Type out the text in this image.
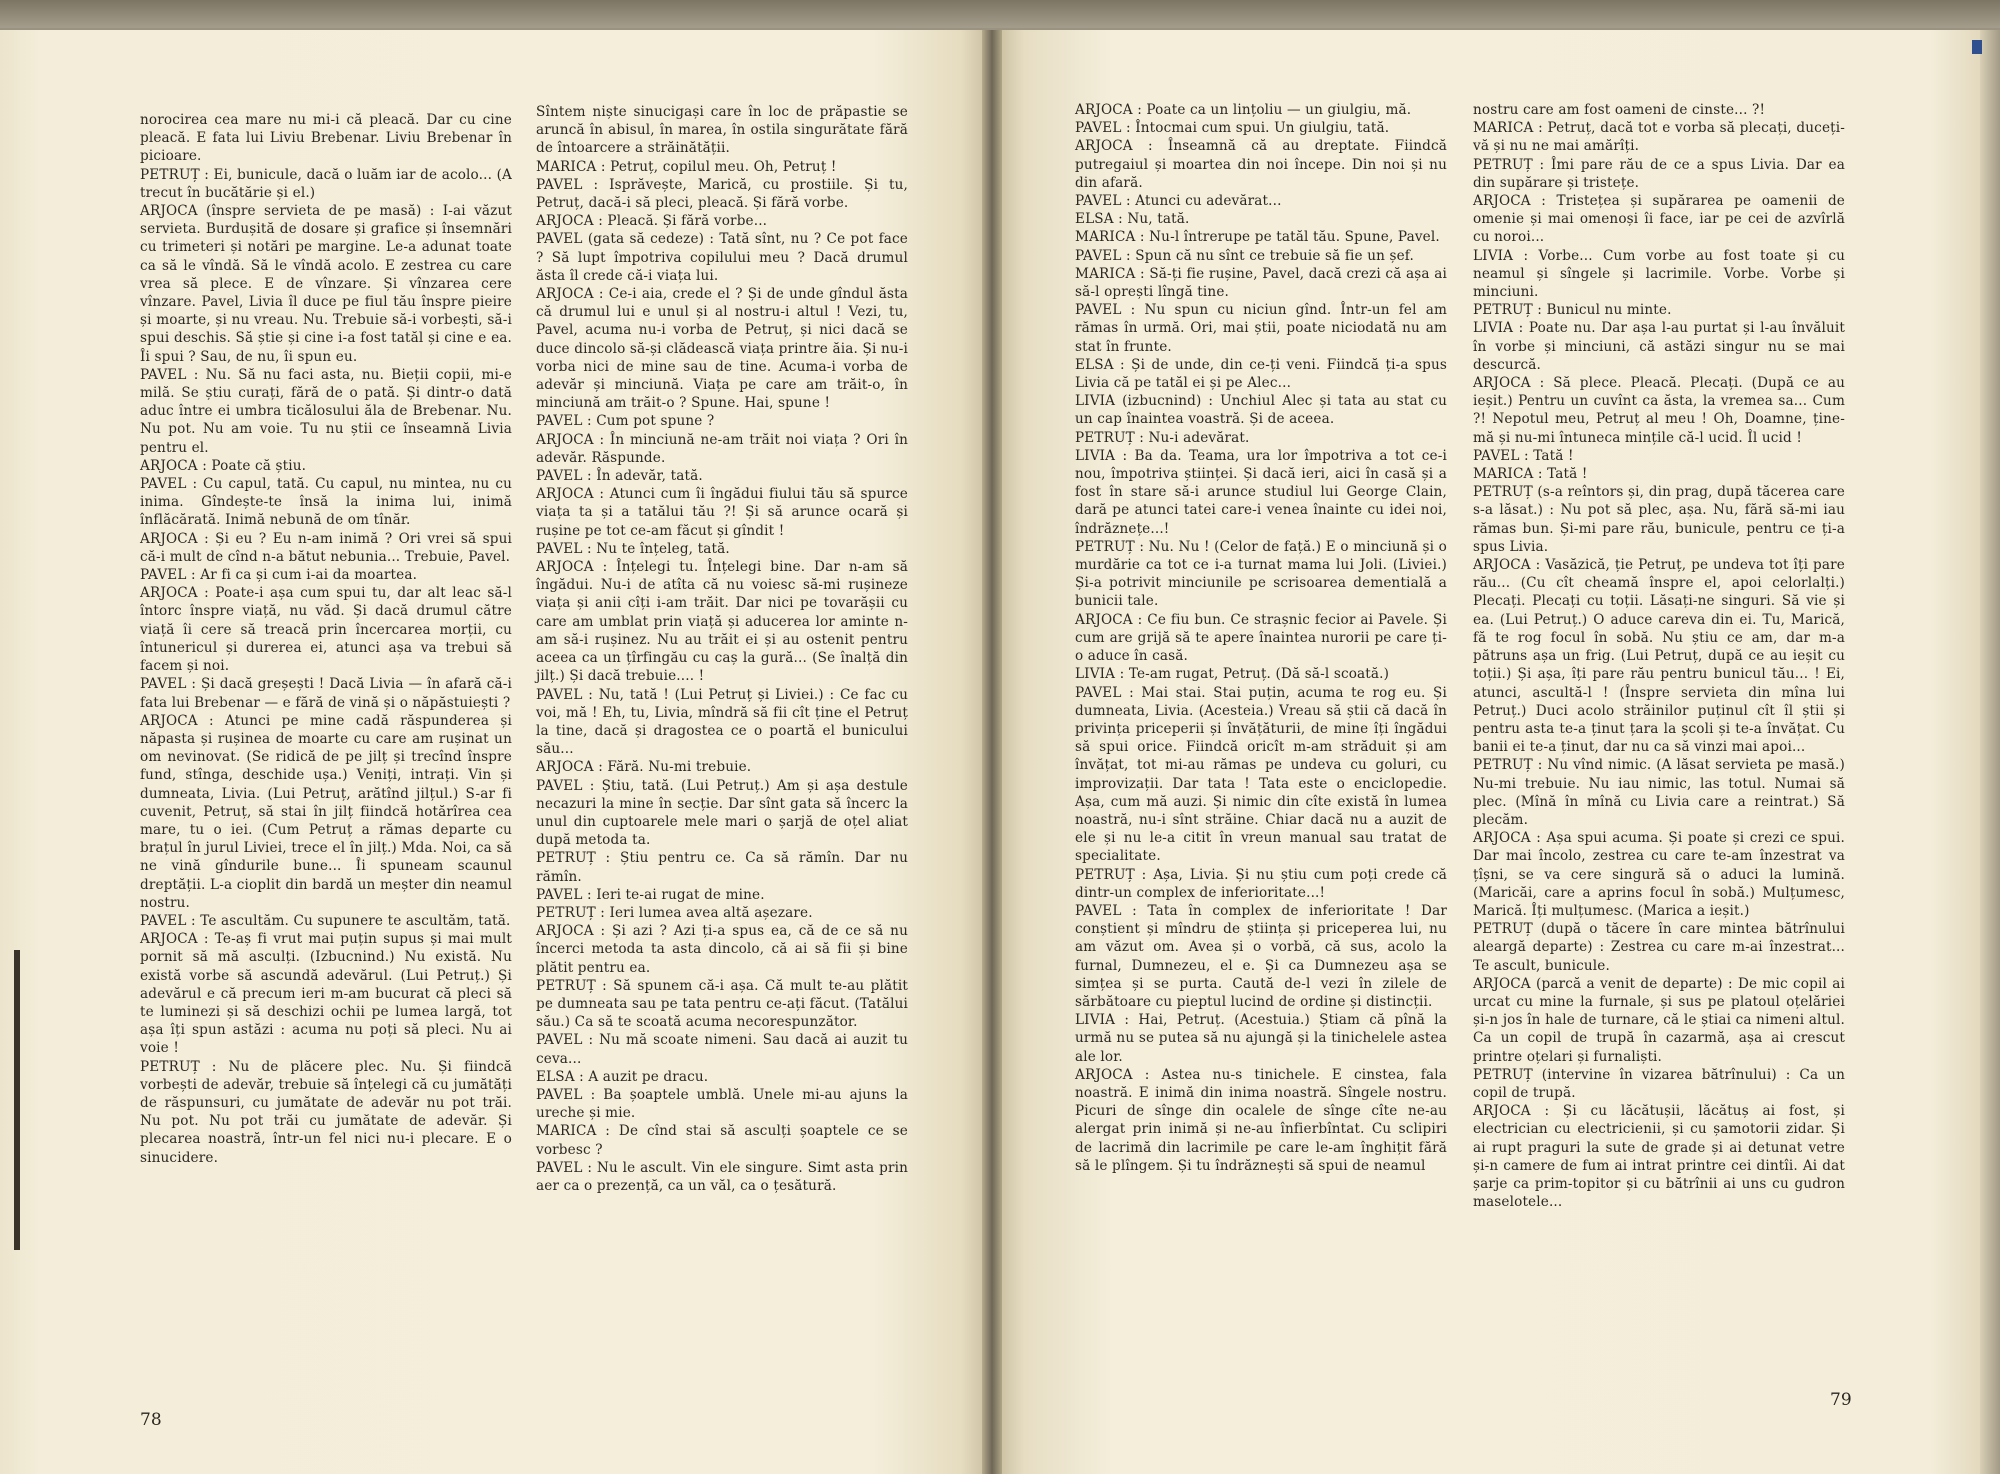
norocirea cea mare nu mi-i că pleacă. Dar cu cine pleacă. E fata lui Liviu Brebenar. Liviu Brebenar în picioare.

PETRUȚ : Ei, bunicule, dacă o luăm iar de acolo... (A trecut în bucătărie și el.)

ARJOCA (înspre servieta de pe masă) : I-ai văzut servieta. Burdușită de dosare și grafice și însemnări cu trimeteri și notări pe margine. Le-a adunat toate ca să le vîndă. Să le vîndă acolo. E zestrea cu care vrea să plece. E de vînzare. Și vînzarea cere vînzare. Pavel, Livia îl duce pe fiul tău înspre pieire și moarte, și nu vreau. Nu. Trebuie să-i vorbești, să-i spui deschis. Să știe și cine i-a fost tatăl și cine e ea. Îi spui ? Sau, de nu, îi spun eu.

PAVEL : Nu. Să nu faci asta, nu. Bieții copii, mi-e milă. Se știu curați, fără de o pată. Și dintr-o dată aduc între ei umbra ticălosului ăla de Brebenar. Nu. Nu pot. Nu am voie. Tu nu știi ce înseamnă Livia pentru el.

ARJOCA : Poate că știu.

PAVEL : Cu capul, tată. Cu capul, nu mintea, nu cu inima. Gîndește-te însă la inima lui, inimă înflăcărată. Inimă nebună de om tînăr.

ARJOCA : Și eu ? Eu n-am inimă ? Ori vrei să spui că-i mult de cînd n-a bătut nebunia... Trebuie, Pavel.

PAVEL : Ar fi ca și cum i-ai da moartea.

ARJOCA : Poate-i așa cum spui tu, dar alt leac să-l întorc înspre viață, nu văd. Și dacă drumul către viață îi cere să treacă prin încercarea morții, cu întunericul și durerea ei, atunci așa va trebui să facem și noi.

PAVEL : Și dacă greșești ! Dacă Livia — în afară că-i fata lui Brebenar — e fără de vină și o năpăstuiești ?

ARJOCA : Atunci pe mine cadă răspunderea și năpasta și rușinea de moarte cu care am rușinat un om nevinovat. (Se ridică de pe jilț și trecînd înspre fund, stînga, deschide ușa.) Veniți, intrați. Vin și dumneata, Livia. (Lui Petruț, arătînd jilțul.) S-ar fi cuvenit, Petruț, să stai în jilț fiindcă hotărîrea cea mare, tu o iei. (Cum Petruț a rămas departe cu brațul în jurul Liviei, trece el în jilț.) Mda. Noi, ca să ne vină gîndurile bune... Îi spuneam scaunul dreptății. L-a cioplit din bardă un meșter din neamul nostru.

PAVEL : Te ascultăm. Cu supunere te ascultăm, tată.

ARJOCA : Te-aș fi vrut mai puțin supus și mai mult pornit să mă asculți. (Izbucnind.) Nu există. Nu există vorbe să ascundă adevărul. (Lui Petruț.) Și adevărul e că precum ieri m-am bucurat că pleci să te luminezi și să deschizi ochii pe lumea largă, tot așa îți spun astăzi : acuma nu poți să pleci. Nu ai voie !

PETRUȚ : Nu de plăcere plec. Nu. Și fiindcă vorbești de adevăr, trebuie să înțelegi că cu jumătăți de răspunsuri, cu jumătate de adevăr nu pot trăi. Nu pot. Nu pot trăi cu jumătate de adevăr. Și plecarea noastră, într-un fel nici nu-i plecare. E o sinucidere.

Sîntem niște sinucigași care în loc de prăpastie se aruncă în abisul, în marea, în ostila singurătate fără de întoarcere a străinătății.

MARICA : Petruț, copilul meu. Oh, Petruț !

PAVEL : Isprăvește, Marică, cu prostiile. Și tu, Petruț, dacă-i să pleci, pleacă. Și fără vorbe.

ARJOCA : Pleacă. Și fără vorbe...

PAVEL (gata să cedeze) : Tată sînt, nu ? Ce pot face ? Să lupt împotriva copilului meu ? Dacă drumul ăsta îl crede că-i viața lui.

ARJOCA : Ce-i aia, crede el ? Și de unde gîndul ăsta că drumul lui e unul și al nostru-i altul ! Vezi, tu, Pavel, acuma nu-i vorba de Petruț, și nici dacă se duce dincolo să-și clădească viața printre ăia. Și nu-i vorba nici de mine sau de tine. Acuma-i vorba de adevăr și minciună. Viața pe care am trăit-o, în minciună am trăit-o ? Spune. Hai, spune !

PAVEL : Cum pot spune ?

ARJOCA : În minciună ne-am trăit noi viața ? Ori în adevăr. Răspunde.

PAVEL : În adevăr, tată.

ARJOCA : Atunci cum îi îngădui fiului tău să spurce viața ta și a tatălui tău ?! Și să arunce ocară și rușine pe tot ce-am făcut și gîndit !

PAVEL : Nu te înțeleg, tată.

ARJOCA : Înțelegi tu. Înțelegi bine. Dar n-am să îngădui. Nu-i de atîta că nu voiesc să-mi rușineze viața și anii cîți i-am trăit. Dar nici pe tovarășii cu care am umblat prin viață și aducerea lor aminte n-am să-i rușinez. Nu au trăit ei și au ostenit pentru aceea ca un țîrfingău cu caș la gură... (Se înalță din jilț.) Și dacă trebuie.... !

PAVEL : Nu, tată ! (Lui Petruț și Liviei.) : Ce fac cu voi, mă ! Eh, tu, Livia, mîndră să fii cît ține el Petruț la tine, dacă și dragostea ce o poartă el bunicului său...

ARJOCA : Fără. Nu-mi trebuie.

PAVEL : Știu, tată. (Lui Petruț.) Am și așa destule necazuri la mine în secție. Dar sînt gata să încerc la unul din cuptoarele mele mari o șarjă de oțel aliat după metoda ta.

PETRUȚ : Știu pentru ce. Ca să rămîn. Dar nu rămîn.

PAVEL : Ieri te-ai rugat de mine.

PETRUȚ : Ieri lumea avea altă așezare.

ARJOCA : Și azi ? Azi ți-a spus ea, că de ce să nu încerci metoda ta asta dincolo, că ai să fii și bine plătit pentru ea.

PETRUȚ : Să spunem că-i așa. Că mult te-au plătit pe dumneata sau pe tata pentru ce-ați făcut. (Tatălui său.) Ca să te scoată acuma necorespunzător.

PAVEL : Nu mă scoate nimeni. Sau dacă ai auzit tu ceva...

ELSA : A auzit pe dracu.

PAVEL : Ba șoaptele umblă. Unele mi-au ajuns la ureche și mie.

MARICA : De cînd stai să asculți șoaptele ce se vorbesc ?

PAVEL : Nu le ascult. Vin ele singure. Simt asta prin aer ca o prezență, ca un văl, ca o țesătură.

78

ARJOCA : Poate ca un lințoliu — un giulgiu, mă.

PAVEL : Întocmai cum spui. Un giulgiu, tată.

ARJOCA : Înseamnă că au dreptate. Fiindcă putregaiul și moartea din noi începe. Din noi și nu din afară.

PAVEL : Atunci cu adevărat...

ELSA : Nu, tată.

MARICA : Nu-l întrerupe pe tatăl tău. Spune, Pavel.

PAVEL : Spun că nu sînt ce trebuie să fie un șef.

MARICA : Să-ți fie rușine, Pavel, dacă crezi că așa ai să-l oprești lîngă tine.

PAVEL : Nu spun cu niciun gînd. Într-un fel am rămas în urmă. Ori, mai știi, poate niciodată nu am stat în frunte.

ELSA : Și de unde, din ce-ți veni. Fiindcă ți-a spus Livia că pe tatăl ei și pe Alec...

LIVIA (izbucnind) : Unchiul Alec și tata au stat cu un cap înaintea voastră. Și de aceea.

PETRUȚ : Nu-i adevărat.

LIVIA : Ba da. Teama, ura lor împotriva a tot ce-i nou, împotriva științei. Și dacă ieri, aici în casă și a fost în stare să-i arunce studiul lui George Clain, dară pe atunci tatei care-i venea înainte cu idei noi, îndrăznețe...!

PETRUȚ : Nu. Nu ! (Celor de față.) E o minciună și o murdărie ca tot ce i-a turnat mama lui Joli. (Liviei.) Și-a potrivit minciunile pe scrisoarea dementială a bunicii tale.

ARJOCA : Ce fiu bun. Ce strașnic fecior ai Pavele. Și cum are grijă să te apere înaintea nurorii pe care ți-o aduce în casă.

LIVIA : Te-am rugat, Petruț. (Dă să-l scoată.)

PAVEL : Mai stai. Stai puțin, acuma te rog eu. Și dumneata, Livia. (Acesteia.) Vreau să știi că dacă în privința priceperii și învățăturii, de mine îți îngădui să spui orice. Fiindcă oricît m-am străduit și am învățat, tot mi-au rămas pe undeva cu goluri, cu improvizații. Dar tata ! Tata este o enciclopedie. Așa, cum mă auzi. Și nimic din cîte există în lumea noastră, nu-i sînt străine. Chiar dacă nu a auzit de ele și nu le-a citit în vreun manual sau tratat de specialitate.

PETRUȚ : Așa, Livia. Și nu știu cum poți crede că dintr-un complex de inferioritate...!

PAVEL : Tata în complex de inferioritate ! Dar conștient și mîndru de știința și priceperea lui, nu am văzut om. Avea și o vorbă, că sus, acolo la furnal, Dumnezeu, el e. Și ca Dumnezeu așa se simțea și se purta. Caută de-l vezi în zilele de sărbătoare cu pieptul lucind de ordine și distincții.

LIVIA : Hai, Petruț. (Acestuia.) Știam că pînă la urmă nu se putea să nu ajungă și la tinichelele astea ale lor.

ARJOCA : Astea nu-s tinichele. E cinstea, fala noastră. E inimă din inima noastră. Sîngele nostru. Picuri de sînge din ocalele de sînge cîte ne-au alergat prin inimă și ne-au înfierbîntat. Cu sclipiri de lacrimă din lacrimile pe care le-am înghițit fără să le plîngem. Și tu îndrăznești să spui de neamul

nostru care am fost oameni de cinste... ?!

MARICA : Petruț, dacă tot e vorba să plecați, duceți-vă și nu ne mai amărîți.

PETRUȚ : Îmi pare rău de ce a spus Livia. Dar ea din supărare și tristețe.

ARJOCA : Tristețea și supărarea pe oamenii de omenie și mai omenoși îi face, iar pe cei de azvîrlă cu noroi...

LIVIA : Vorbe... Cum vorbe au fost toate și cu neamul și sîngele și lacrimile. Vorbe. Vorbe și minciuni.

PETRUȚ : Bunicul nu minte.

LIVIA : Poate nu. Dar așa l-au purtat și l-au învăluit în vorbe și minciuni, că astăzi singur nu se mai descurcă.

ARJOCA : Să plece. Pleacă. Plecați. (După ce au ieșit.) Pentru un cuvînt ca ăsta, la vremea sa... Cum ?! Nepotul meu, Petruț al meu ! Oh, Doamne, ține-mă și nu-mi întuneca mințile că-l ucid. Îl ucid !

PAVEL : Tată !

MARICA : Tată !

PETRUȚ (s-a reîntors și, din prag, după tăcerea care s-a lăsat.) : Nu pot să plec, așa. Nu, fără să-mi iau rămas bun. Și-mi pare rău, bunicule, pentru ce ți-a spus Livia.

ARJOCA : Vasăzică, ție Petruț, pe undeva tot îți pare rău... (Cu cît cheamă înspre el, apoi celorlalți.) Plecați. Plecați cu toții. Lăsați-ne singuri. Să vie și ea. (Lui Petruț.) O aduce careva din ei. Tu, Marică, fă te rog focul în sobă. Nu știu ce am, dar m-a pătruns așa un frig. (Lui Petruț, după ce au ieșit cu toții.) Și așa, îți pare rău pentru bunicul tău... ! Ei, atunci, ascultă-l ! (Înspre servieta din mîna lui Petruț.) Duci acolo străinilor puținul cît îl știi și pentru asta te-a ținut țara la școli și te-a învățat. Cu banii ei te-a ținut, dar nu ca să vinzi mai apoi...

PETRUȚ : Nu vînd nimic. (A lăsat servieta pe masă.) Nu-mi trebuie. Nu iau nimic, las totul. Numai să plec. (Mînă în mînă cu Livia care a reintrat.) Să plecăm.

ARJOCA : Așa spui acuma. Și poate și crezi ce spui. Dar mai încolo, zestrea cu care te-am înzestrat va țîșni, se va cere singură să o aduci la lumină. (Maricăi, care a aprins focul în sobă.) Mulțumesc, Marică. Îți mulțumesc. (Marica a ieșit.)

PETRUȚ (după o tăcere în care mintea bătrînului aleargă departe) : Zestrea cu care m-ai înzestrat... Te ascult, bunicule.

ARJOCA (parcă a venit de departe) : De mic copil ai urcat cu mine la furnale, și sus pe platoul oțelăriei și-n jos în hale de turnare, că le știai ca nimeni altul. Ca un copil de trupă în cazarmă, așa ai crescut printre oțelari și furnaliști.

PETRUȚ (intervine în vizarea bătrînului) : Ca un copil de trupă.

ARJOCA : Și cu lăcătușii, lăcătuș ai fost, și electrician cu electricienii, și cu șamotorii zidar. Și ai rupt praguri la sute de grade și ai detunat vetre și-n camere de fum ai intrat printre cei dintîi. Ai dat șarje ca prim-topitor și cu bătrînii ai uns cu gudron maselotele...

79
